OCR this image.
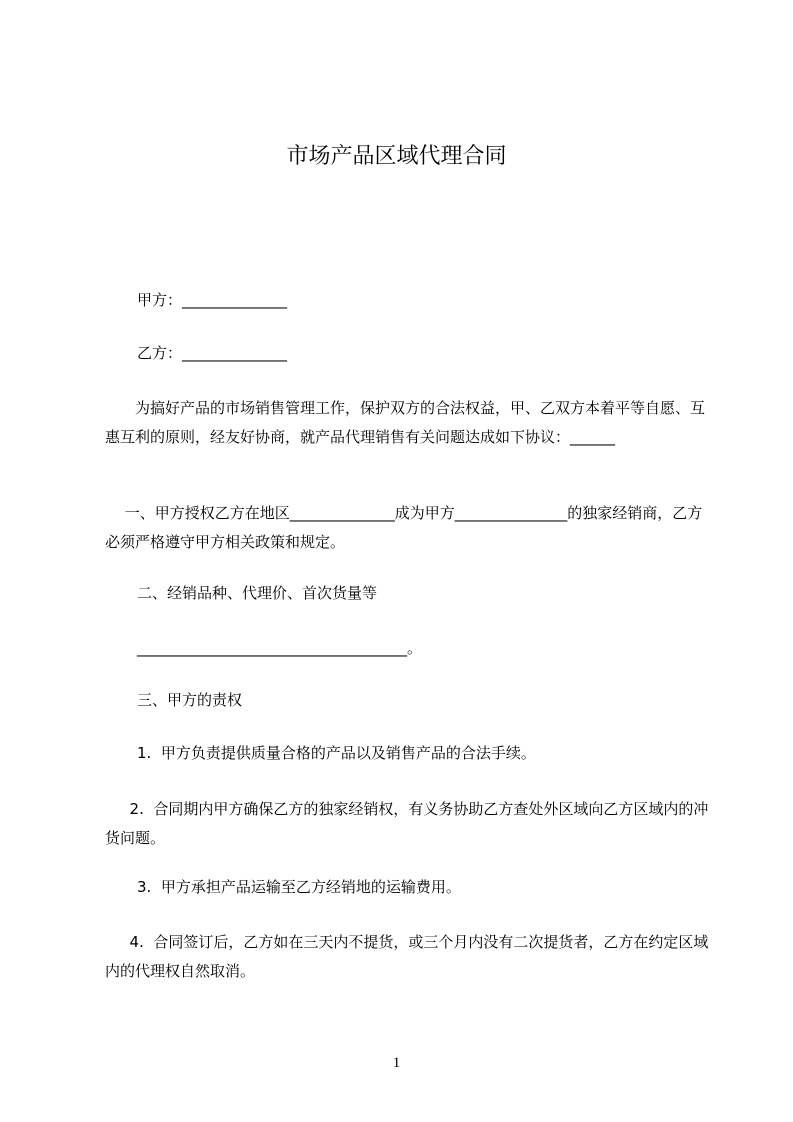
市场产品区域代理合同
甲方：______________
乙方：______________
　　为搞好产品的市场销售管理工作，保护双方的合法权益，甲、乙双方本着平等自愿、互惠互利的原则，经友好协商，就产品代理销售有关问题达成如下协议：______
　 一、甲方授权乙方在地区______________成为甲方_______________的独家经销商，乙方必须严格遵守甲方相关政策和规定。
二、经销品种、代理价、首次货量等
____________________________________。
三、甲方的责权
1.  甲方负责提供质量合格的产品以及销售产品的合法手续。
　  2.  合同期内甲方确保乙方的独家经销权，有义务协助乙方查处外区域向乙方区域内的冲货问题。
3.  甲方承担产品运输至乙方经销地的运输费用。
　  4.  合同签订后，乙方如在三天内不提货，或三个月内没有二次提货者，乙方在约定区域内的代理权自然取消。
1
